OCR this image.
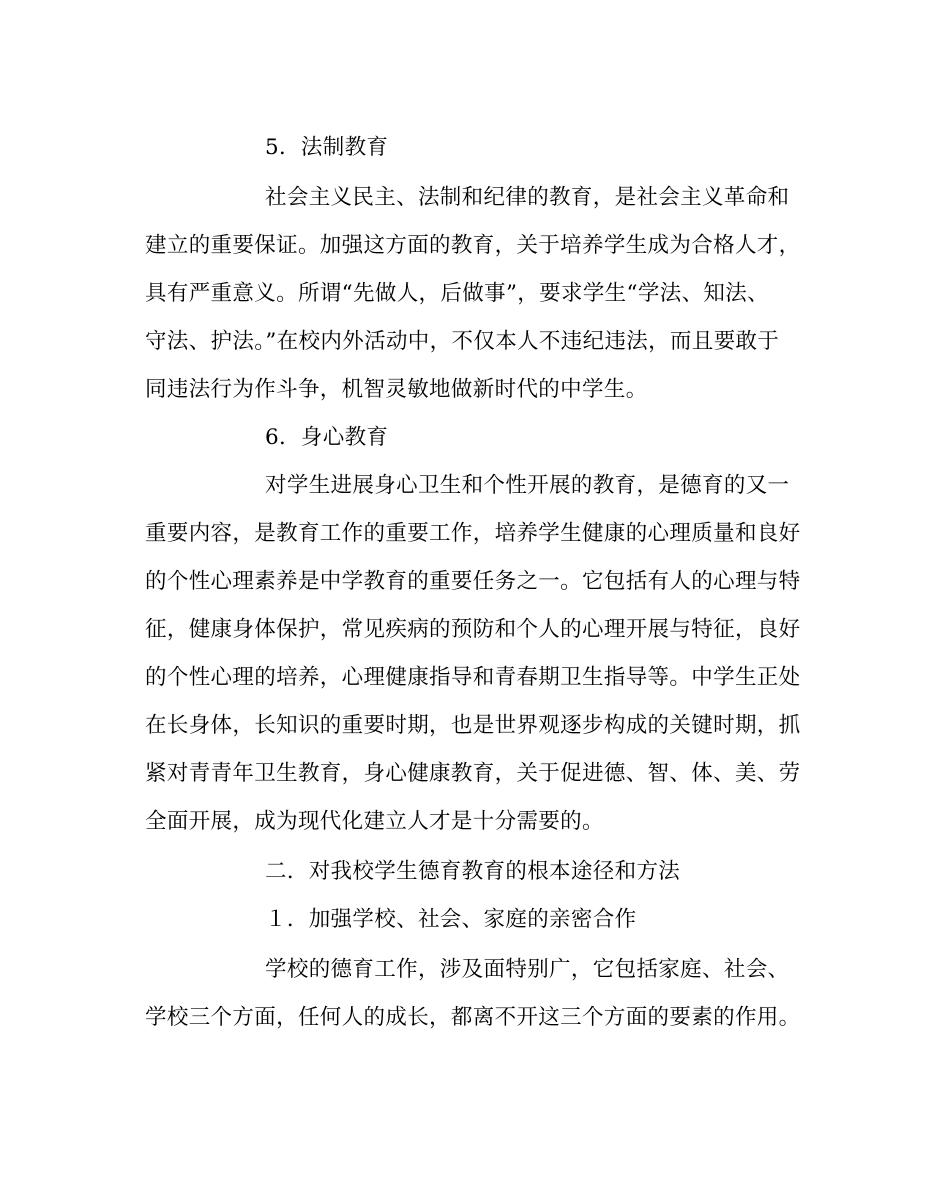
5．法制教育
社会主义民主、法制和纪律的教育，是社会主义革命和
建立的重要保证。加强这方面的教育，关于培养学生成为合格人才，
具有严重意义。所谓“先做人，后做事”，要求学生“学法、知法、
守法、护法。”在校内外活动中，不仅本人不违纪违法，而且要敢于
同违法行为作斗争，机智灵敏地做新时代的中学生。
6．身心教育
对学生进展身心卫生和个性开展的教育，是德育的又一
重要内容，是教育工作的重要工作，培养学生健康的心理质量和良好
的个性心理素养是中学教育的重要任务之一。它包括有人的心理与特
征，健康身体保护，常见疾病的预防和个人的心理开展与特征，良好
的个性心理的培养，心理健康指导和青春期卫生指导等。中学生正处
在长身体，长知识的重要时期，也是世界观逐步构成的关键时期，抓
紧对青青年卫生教育，身心健康教育，关于促进德、智、体、美、劳
全面开展，成为现代化建立人才是十分需要的。
二．对我校学生德育教育的根本途径和方法
１．加强学校、社会、家庭的亲密合作
学校的德育工作，涉及面特别广，它包括家庭、社会、
学校三个方面，任何人的成长，都离不开这三个方面的要素的作用。
